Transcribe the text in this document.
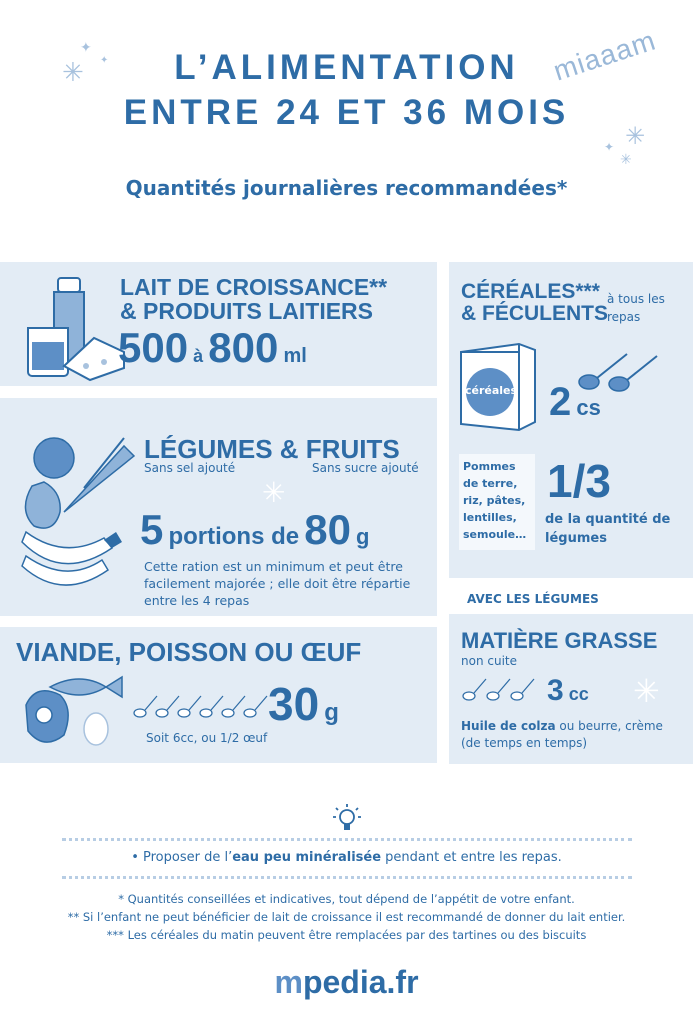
✳
✦
✦
✳
✦
✳
L’ALIMENTATION
ENTRE 24 ET 36 MOIS
miaaam
Quantités journalières recommandées*
LAIT DE CROISSANCE**
& PRODUITS LAITIERS
500 à 800 ml
CÉRÉALES***
& FÉCULENTS
à tous les repas
céréales 2 cs
Pommes de terre, riz, pâtes, lentilles, semoule…
1/3
de la quantité de légumes
LÉGUMES & FRUITS
Sans sel ajouté	Sans sucre ajouté
✳
5 portions de 80 g
Cette ration est un minimum et peut être facilement majorée ; elle doit être répartie entre les 4 repas
VIANDE, POISSON OU ŒUF
30 g
Soit 6cc, ou 1/2 œuf
AVEC LES LÉGUMES
MATIÈRE GRASSE
non cuite
3 cc ✳
Huile de colza ou beurre, crème
(de temps en temps)
• Proposer de l’eau peu minéralisée pendant et entre les repas.
* Quantités conseillées et indicatives, tout dépend de l’appétit de votre enfant.
** Si l’enfant ne peut bénéficier de lait de croissance il est recommandé de donner du lait entier.
*** Les céréales du matin peuvent être remplacées par des tartines ou des biscuits
mpedia.fr
